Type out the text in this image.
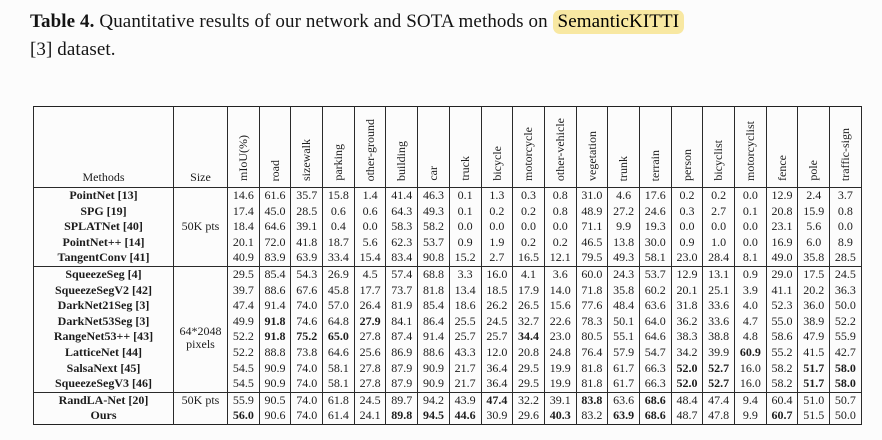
Table 4. Quantitative results of our network and SOTA methods on SemanticKITTI
[3] dataset.

Methods	Size	mIoU(%)	road	sizewalk	parking	other-ground	building	car	truck	bicycle	motorcycle	other-vehicle	vegetation	trunk	terrain	person	bicyclist	motorcyclist	fence	pole	traffic-sign
PointNet [13]	50K pts	14.6	61.6	35.7	15.8	1.4	41.4	46.3	0.1	1.3	0.3	0.8	31.0	4.6	17.6	0.2	0.2	0.0	12.9	2.4	3.7
SPG [19]		17.4	45.0	28.5	0.6	0.6	64.3	49.3	0.1	0.2	0.2	0.8	48.9	27.2	24.6	0.3	2.7	0.1	20.8	15.9	0.8
SPLATNet [40]		18.4	64.6	39.1	0.4	0.0	58.3	58.2	0.0	0.0	0.0	0.0	71.1	9.9	19.3	0.0	0.0	0.0	23.1	5.6	0.0
PointNet++ [14]		20.1	72.0	41.8	18.7	5.6	62.3	53.7	0.9	1.9	0.2	0.2	46.5	13.8	30.0	0.9	1.0	0.0	16.9	6.0	8.9
TangentConv [41]		40.9	83.9	63.9	33.4	15.4	83.4	90.8	15.2	2.7	16.5	12.1	79.5	49.3	58.1	23.0	28.4	8.1	49.0	35.8	28.5
SqueezeSeg [4]	64*2048
pixels	29.5	85.4	54.3	26.9	4.5	57.4	68.8	3.3	16.0	4.1	3.6	60.0	24.3	53.7	12.9	13.1	0.9	29.0	17.5	24.5
SqueezeSegV2 [42]		39.7	88.6	67.6	45.8	17.7	73.7	81.8	13.4	18.5	17.9	14.0	71.8	35.8	60.2	20.1	25.1	3.9	41.1	20.2	36.3
DarkNet21Seg [3]		47.4	91.4	74.0	57.0	26.4	81.9	85.4	18.6	26.2	26.5	15.6	77.6	48.4	63.6	31.8	33.6	4.0	52.3	36.0	50.0
DarkNet53Seg [3]		49.9	91.8	74.6	64.8	27.9	84.1	86.4	25.5	24.5	32.7	22.6	78.3	50.1	64.0	36.2	33.6	4.7	55.0	38.9	52.2
RangeNet53++ [43]		52.2	91.8	75.2	65.0	27.8	87.4	91.4	25.7	25.7	34.4	23.0	80.5	55.1	64.6	38.3	38.8	4.8	58.6	47.9	55.9
LatticeNet [44]		52.2	88.8	73.8	64.6	25.6	86.9	88.6	43.3	12.0	20.8	24.8	76.4	57.9	54.7	34.2	39.9	60.9	55.2	41.5	42.7
SalsaNext [45]		54.5	90.9	74.0	58.1	27.8	87.9	90.9	21.7	36.4	29.5	19.9	81.8	61.7	66.3	52.0	52.7	16.0	58.2	51.7	58.0
SqueezeSegV3 [46]		54.5	90.9	74.0	58.1	27.8	87.9	90.9	21.7	36.4	29.5	19.9	81.8	61.7	66.3	52.0	52.7	16.0	58.2	51.7	58.0
RandLA-Net [20]	50K pts	55.9	90.5	74.0	61.8	24.5	89.7	94.2	43.9	47.4	32.2	39.1	83.8	63.6	68.6	48.4	47.4	9.4	60.4	51.0	50.7
Ours		56.0	90.6	74.0	61.4	24.1	89.8	94.5	44.6	30.9	29.6	40.3	83.2	63.9	68.6	48.7	47.8	9.9	60.7	51.5	50.0
